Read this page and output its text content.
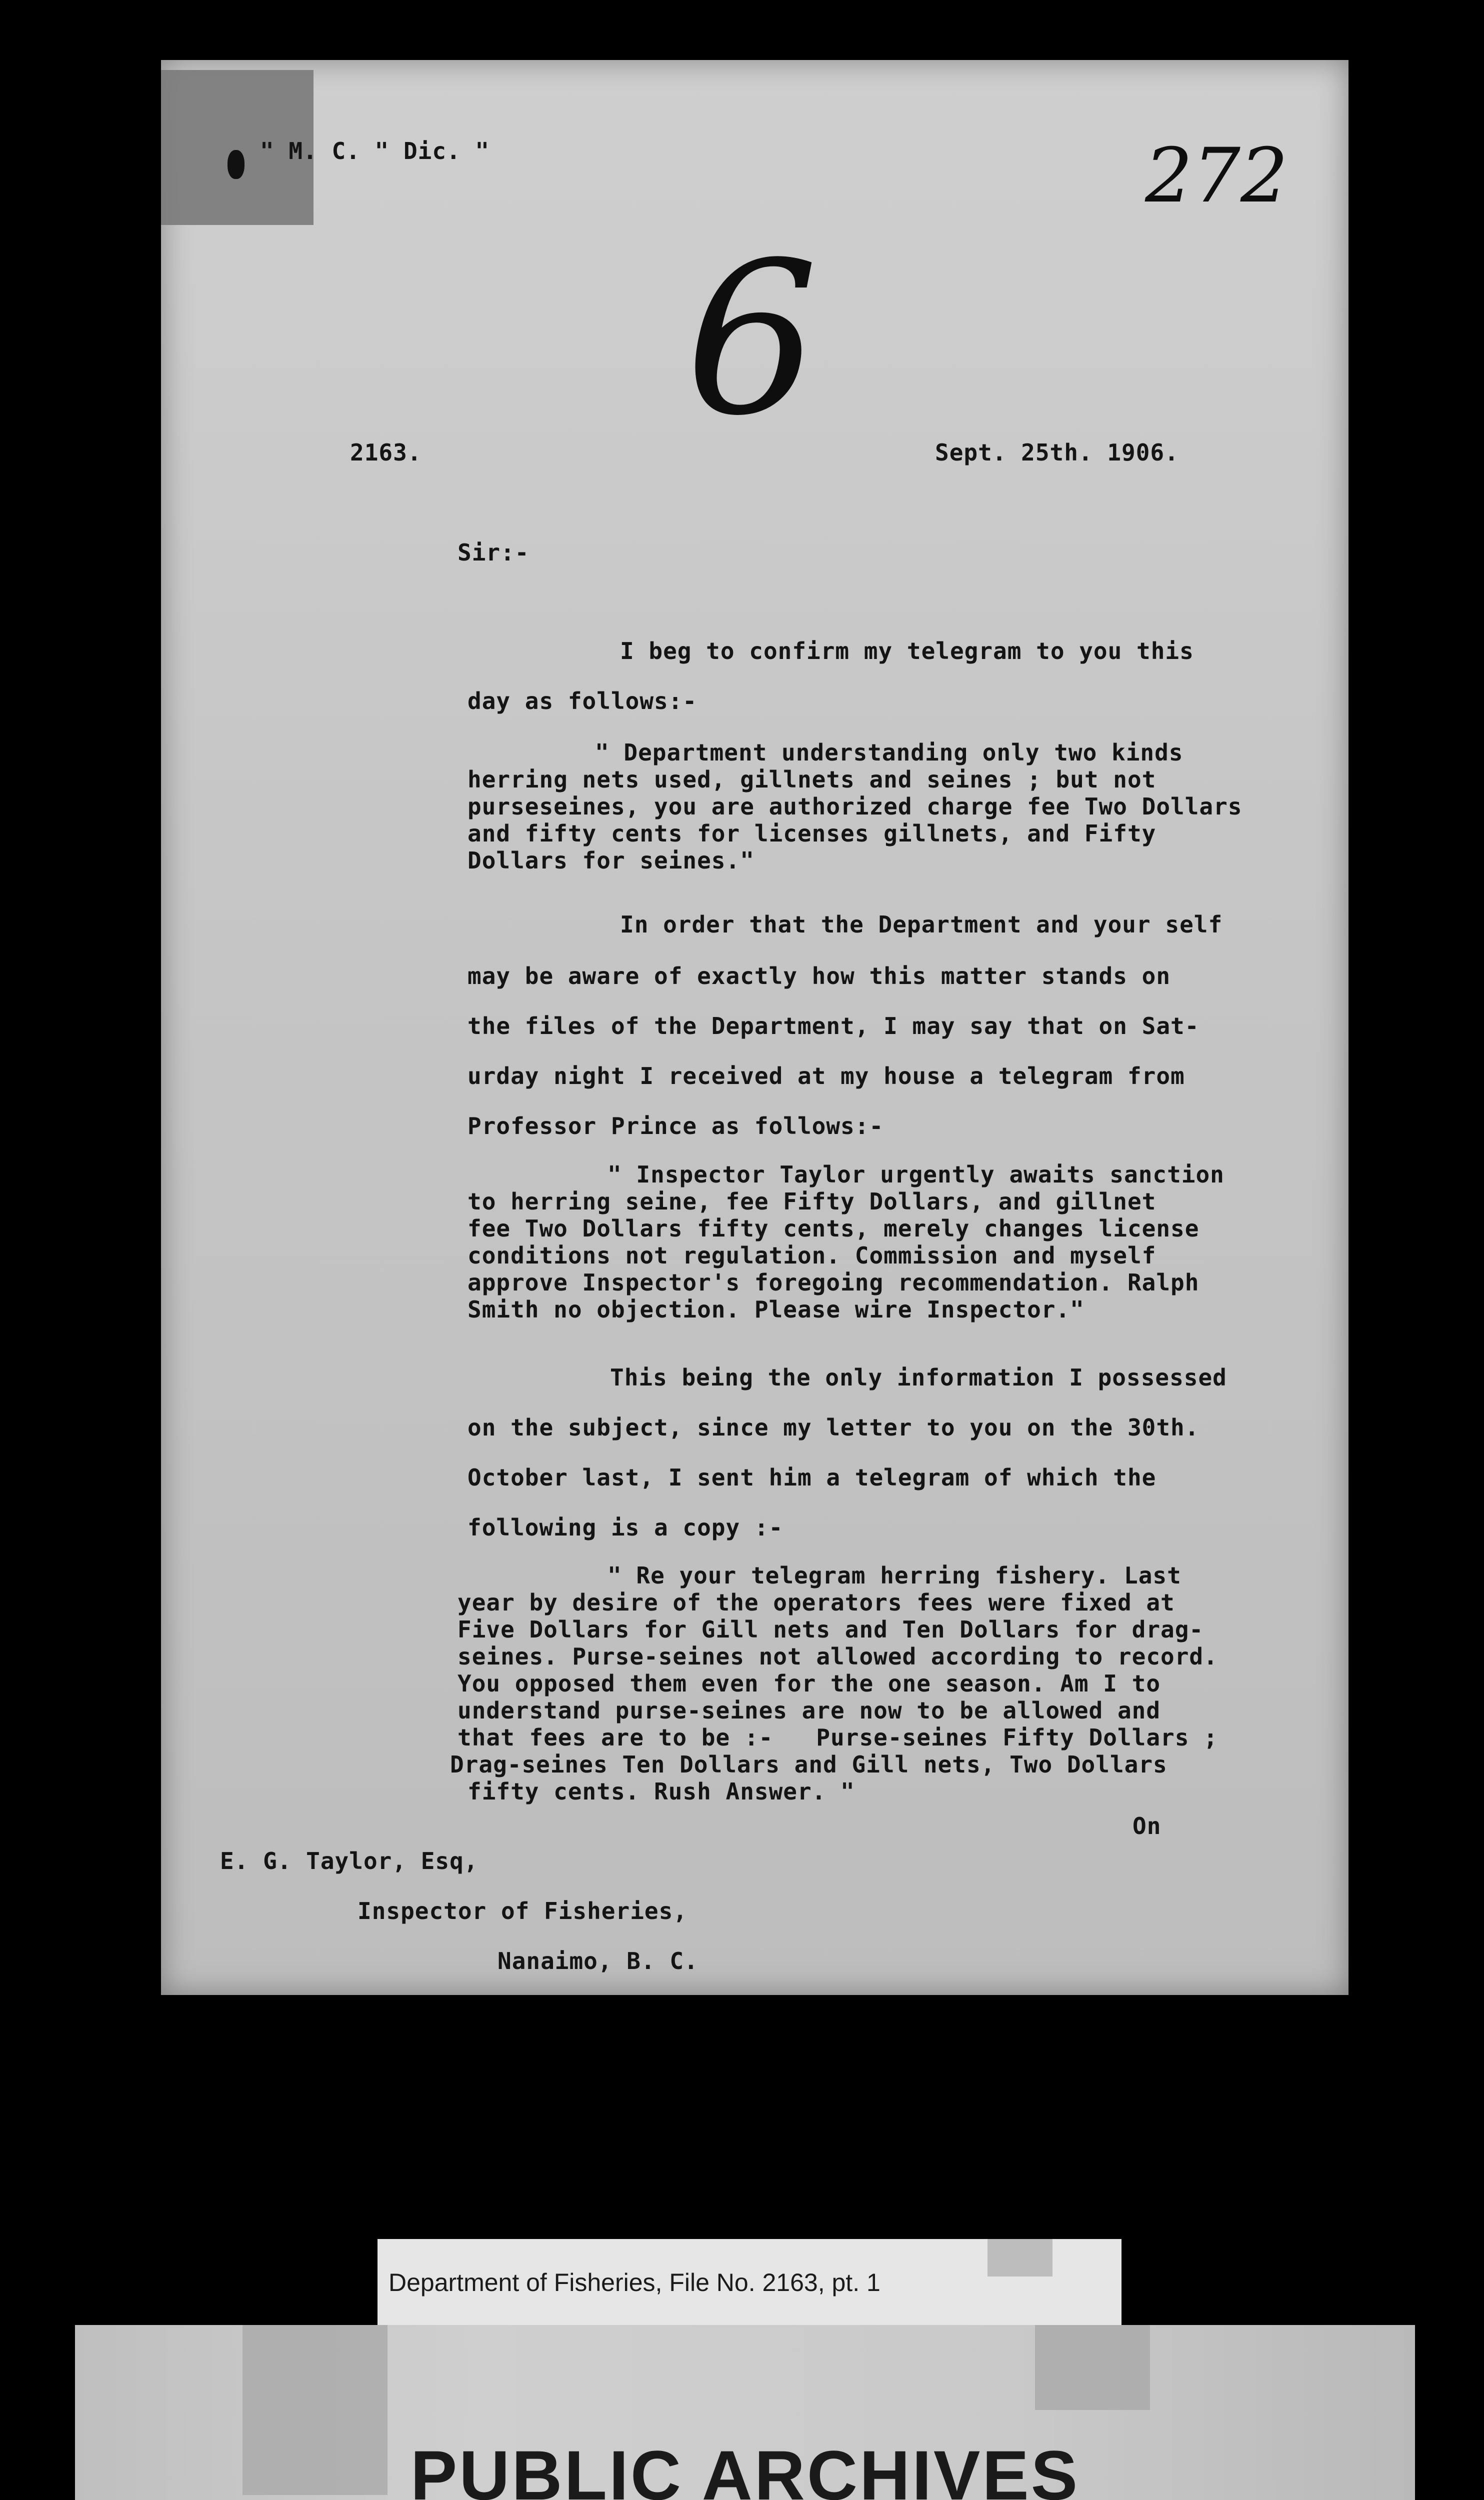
" M. C. " Dic. "	272
6
2163.	Sept. 25th. 1906.
Sir:-
I beg to confirm my telegram to you this
day as follows:-
" Department understanding only two kinds
herring nets used, gillnets and seines ; but not
purseseines, you are authorized charge fee Two Dollars
and fifty cents for licenses gillnets, and Fifty
Dollars for seines."
In order that the Department and your self
may be aware of exactly how this matter stands on
the files of the Department, I may say that on Sat-
urday night I received at my house a telegram from
Professor Prince as follows:-
" Inspector Taylor urgently awaits sanction
to herring seine, fee Fifty Dollars, and gillnet
fee Two Dollars fifty cents, merely changes license
conditions not regulation. Commission and myself
approve Inspector's foregoing recommendation. Ralph
Smith no objection. Please wire Inspector."
This being the only information I possessed
on the subject, since my letter to you on the 30th.
October last, I sent him a telegram of which the
following is a copy :-
" Re your telegram herring fishery. Last
year by desire of the operators fees were fixed at
Five Dollars for Gill nets and Ten Dollars for drag-
seines. Purse-seines not allowed according to record.
You opposed them even for the one season. Am I to
understand purse-seines are now to be allowed and
that fees are to be :-   Purse-seines Fifty Dollars ;
Drag-seines Ten Dollars and Gill nets, Two Dollars
fifty cents. Rush Answer. "
On
E. G. Taylor, Esq,
Inspector of Fisheries,
Nanaimo, B. C.
Department of Fisheries, File No. 2163, pt. 1
PUBLIC ARCHIVES
